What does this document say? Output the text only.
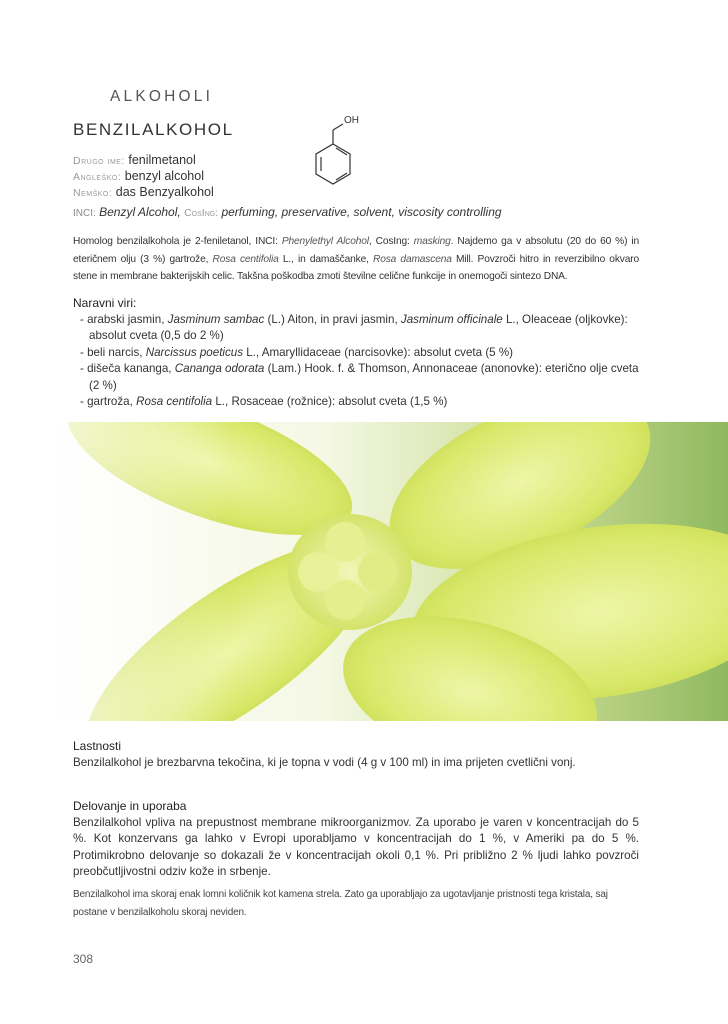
ALKOHOLI
BENZILALKOHOL	OH
Drugo ime: fenilmetanol
Angleško: benzyl alcohol
Nemško: das Benzyalkohol
INCI: Benzyl Alcohol, CosIng: perfuming, preservative, solvent, viscosity controlling
Homolog benzilalkohola je 2-feniletanol, INCI: Phenylethyl Alcohol, CosIng: masking. Najdemo ga v absolutu (20 do 60 %) in eteričnem olju (3 %) gartrože, Rosa centifolia L., in damaščanke, Rosa damascena Mill. Povzroči hitro in reverzibilno okvaro stene in membrane bakterijskih celic. Takšna poškodba zmoti številne celične funkcije in onemogoči sintezo DNA.

Naravni viri:

- arabski jasmin, Jasminum sambac (L.) Aiton, in pravi jasmin, Jasminum officinale L., Oleaceae (oljkovke): absolut cveta (0,5 do 2 %)
- beli narcis, Narcissus poeticus L., Amaryllidaceae (narcisovke): absolut cveta (5 %)
- dišeča kananga, Cananga odorata (Lam.) Hook. f. & Thomson, Annonaceae (anonovke): eterično olje cveta (2 %)
- gartroža, Rosa centifolia L., Rosaceae (rožnice): absolut cveta (1,5 %)

Lastnosti

Benzilalkohol je brezbarvna tekočina, ki je topna v vodi (4 g v 100 ml) in ima prijeten cvetlični vonj.

Delovanje in uporaba

Benzilalkohol vpliva na prepustnost membrane mikroorganizmov. Za uporabo je varen v koncentracijah do 5 %. Kot konzervans ga lahko v Evropi uporabljamo v koncentracijah do 1 %, v Ameriki pa do 5 %. Protimikrobno delovanje so dokazali že v koncentracijah okoli 0,1 %. Pri približno 2 % ljudi lahko povzroči preobčutljivostni odziv kože in srbenje.

Benzilalkohol ima skoraj enak lomni količnik kot kamena strela. Zato ga uporabljajo za ugotavljanje pristnosti tega kristala, saj postane v benzilalkoholu skoraj neviden.
308
